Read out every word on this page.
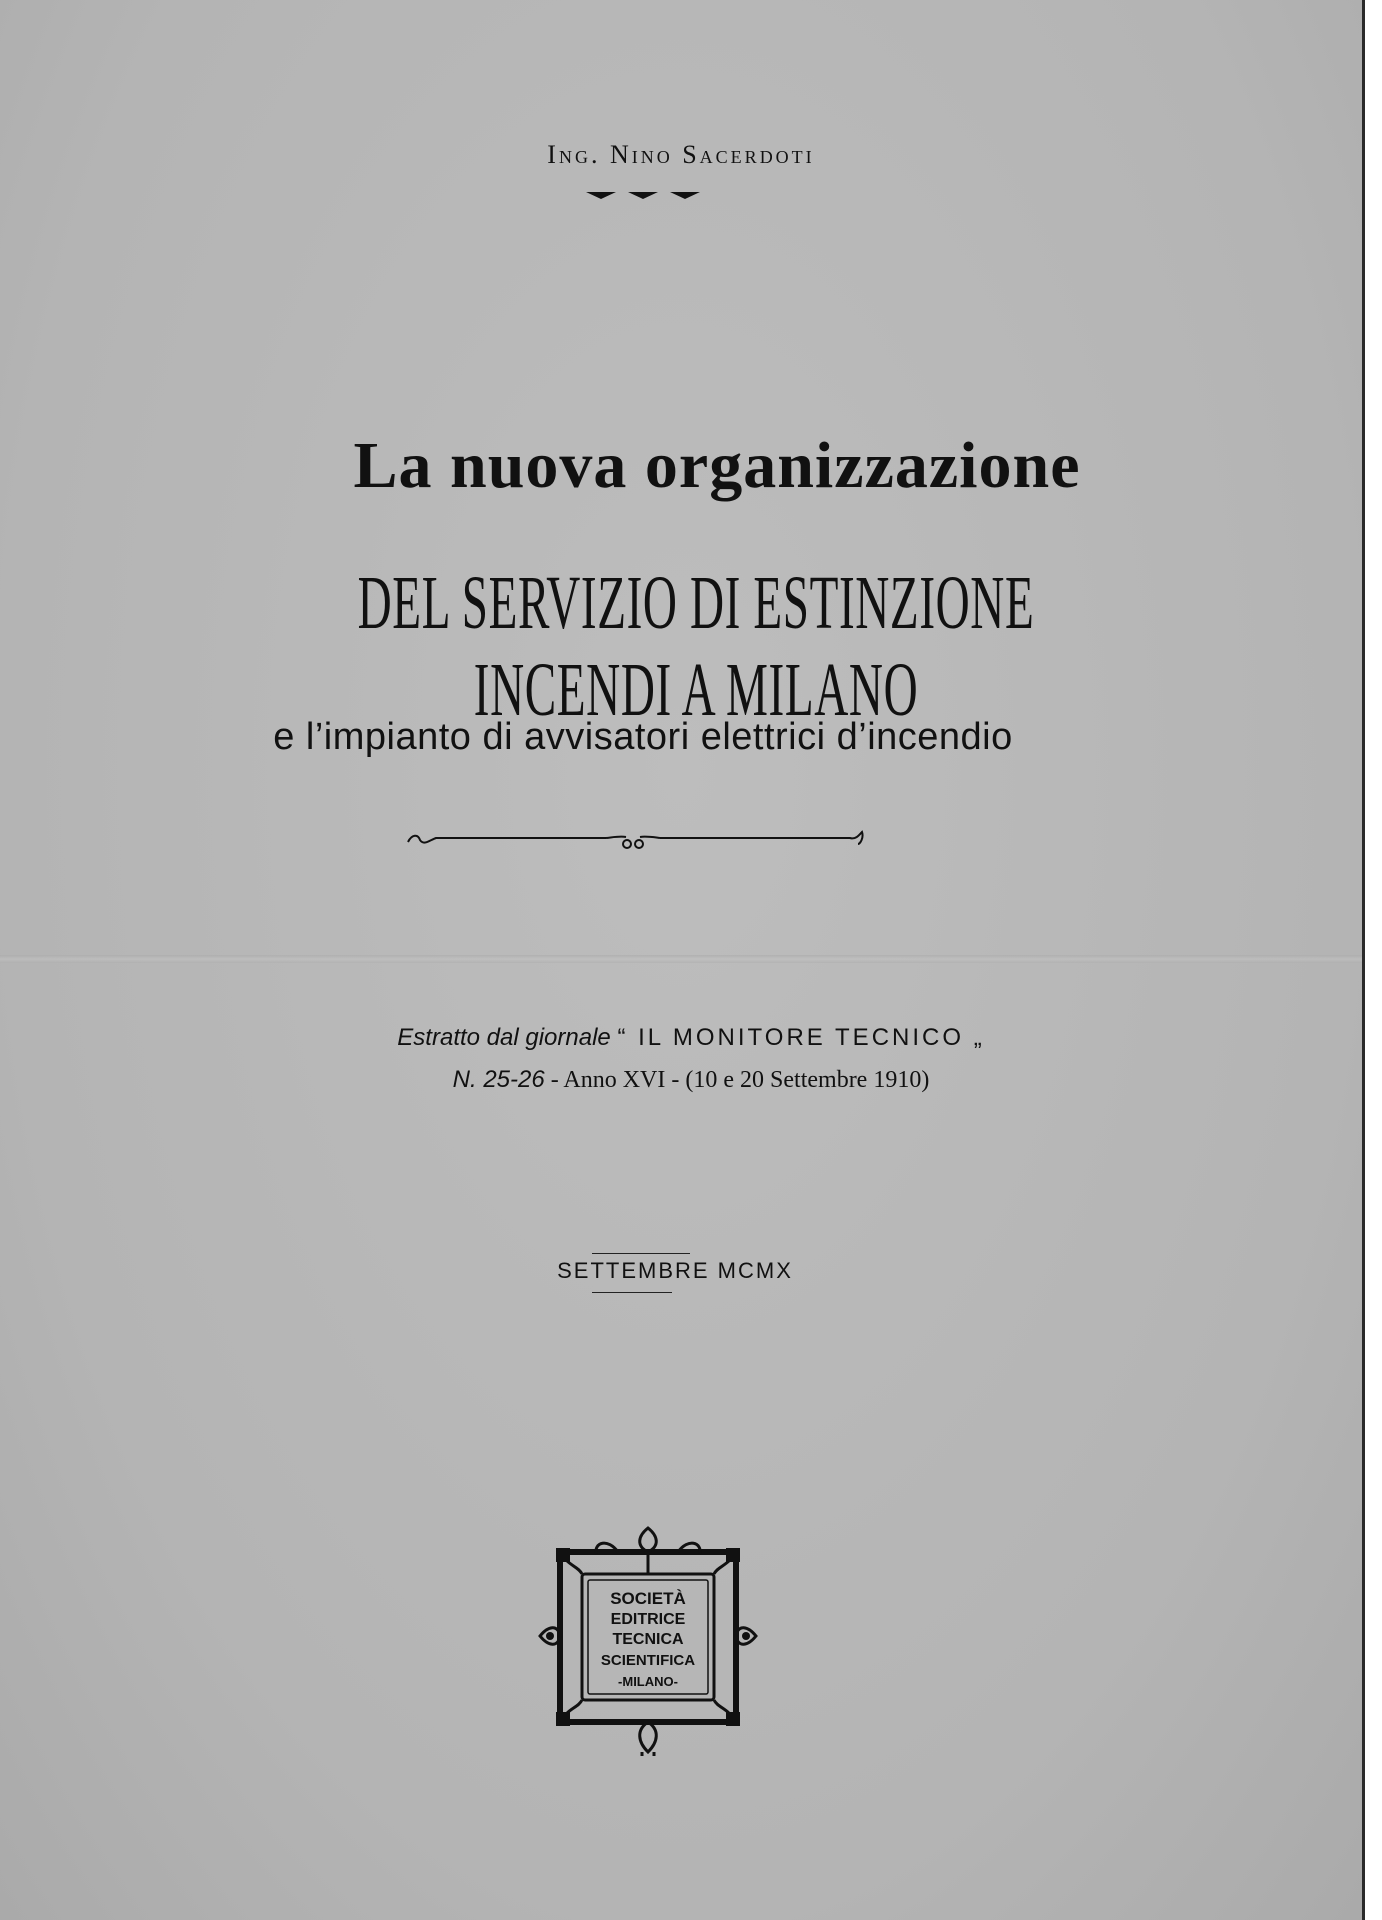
Ing. Nino Sacerdoti
La nuova organizzazione
DEL SERVIZIO DI ESTINZIONE INCENDI A MILANO
e l’impianto di avvisatori elettrici d’incendio
Estratto dal giornale “ IL MONITORE TECNICO „
N. 25-26 - Anno XVI - (10 e 20 Settembre 1910)
SETTEMBRE MCMX
SOCIETÀ
EDITRICE
TECNICA
SCIENTIFICA
-MILANO-
